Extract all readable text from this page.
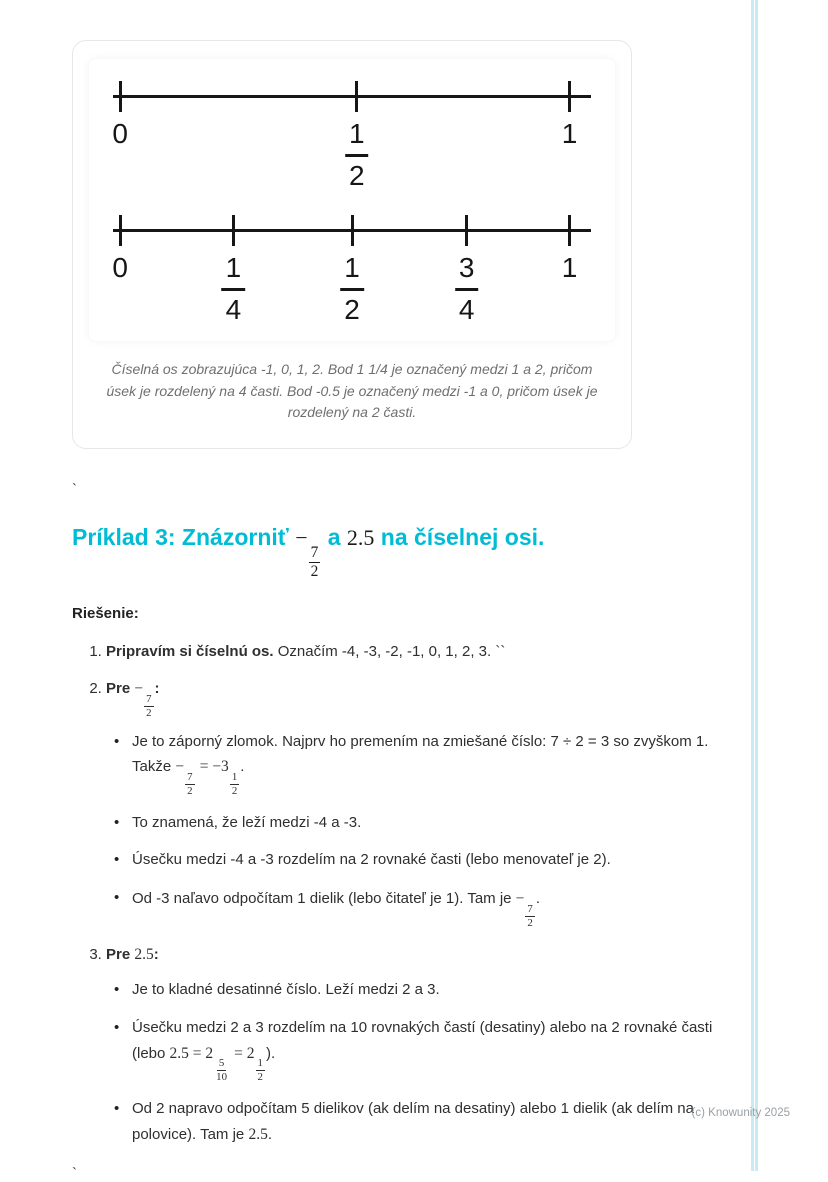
0	$\frac{1}{2}$	1
0	$\frac{1}{4}$	$\frac{1}{2}$	$\frac{3}{4}$	1

Číselná os zobrazujúca -1, 0, 1, 2. Bod 1 1/4 je označený medzi 1 a 2, pričom úsek je rozdelený na 4 časti. Bod -0.5 je označený medzi -1 a 0, pričom úsek je rozdelený na 2 časti.

`
Príklad 3: Znázorniť −
$\frac{7}{2}$
a 2.5 na číselnej osi.

Riešenie:

1. Pripravím si číselnú os. Označím -4, -3, -2, -1, 0, 1, 2, 3. ``
2. Pre −
$\frac{7}{2}$
:
• Je to záporný zlomok. Najprv ho premením na zmiešané číslo: 7 ÷ 2 = 3 so zvyškom 1. Takže −
$\frac{7}{2}$
= −3
$\frac{1}{2}$
.
• To znamená, že leží medzi -4 a -3.
• Úsečku medzi -4 a -3 rozdelím na 2 rovnaké časti (lebo menovateľ je 2).
• Od -3 naľavo odpočítam 1 dielik (lebo čitateľ je 1). Tam je −
$\frac{7}{2}$
.
3. Pre 2.5:
• Je to kladné desatinné číslo. Leží medzi 2 a 3.
• Úsečku medzi 2 a 3 rozdelím na 10 rovnakých častí (desatiny) alebo na 2 rovnaké časti (lebo 2.5 = 2
$\frac{5}{10}$
= 2
$\frac{1}{2}$
).
• Od 2 napravo odpočítam 5 dielikov (ak delím na desatiny) alebo 1 dielik (ak delím na polovice). Tam je 2.5.
`
(c) Knowunity 2025
